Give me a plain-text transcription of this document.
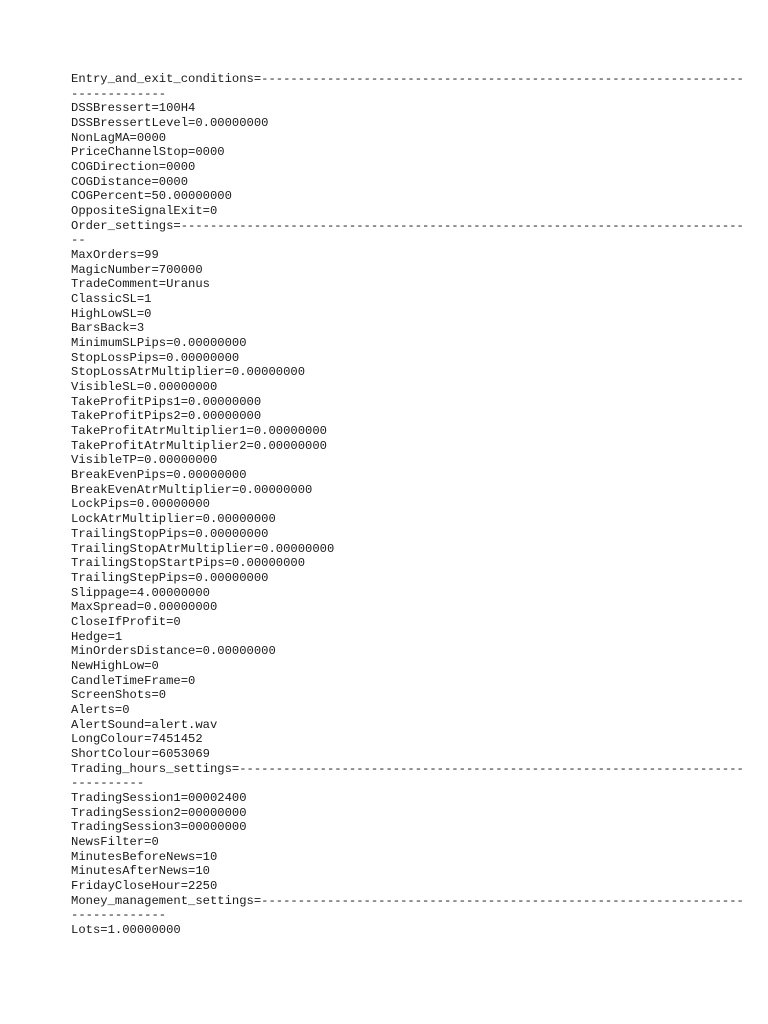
Entry_and_exit_conditions=------------------------------------------------------------------
-------------
DSSBressert=100H4
DSSBressertLevel=0.00000000
NonLagMA=0000
PriceChannelStop=0000
COGDirection=0000
COGDistance=0000
COGPercent=50.00000000
OppositeSignalExit=0
Order_settings=-----------------------------------------------------------------------------
--
MaxOrders=99
MagicNumber=700000
TradeComment=Uranus
ClassicSL=1
HighLowSL=0
BarsBack=3
MinimumSLPips=0.00000000
StopLossPips=0.00000000
StopLossAtrMultiplier=0.00000000
VisibleSL=0.00000000
TakeProfitPips1=0.00000000
TakeProfitPips2=0.00000000
TakeProfitAtrMultiplier1=0.00000000
TakeProfitAtrMultiplier2=0.00000000
VisibleTP=0.00000000
BreakEvenPips=0.00000000
BreakEvenAtrMultiplier=0.00000000
LockPips=0.00000000
LockAtrMultiplier=0.00000000
TrailingStopPips=0.00000000
TrailingStopAtrMultiplier=0.00000000
TrailingStopStartPips=0.00000000
TrailingStepPips=0.00000000
Slippage=4.00000000
MaxSpread=0.00000000
CloseIfProfit=0
Hedge=1
MinOrdersDistance=0.00000000
NewHighLow=0
CandleTimeFrame=0
ScreenShots=0
Alerts=0
AlertSound=alert.wav
LongColour=7451452
ShortColour=6053069
Trading_hours_settings=---------------------------------------------------------------------
----------
TradingSession1=00002400
TradingSession2=00000000
TradingSession3=00000000
NewsFilter=0
MinutesBeforeNews=10
MinutesAfterNews=10
FridayCloseHour=2250
Money_management_settings=------------------------------------------------------------------
-------------
Lots=1.00000000
